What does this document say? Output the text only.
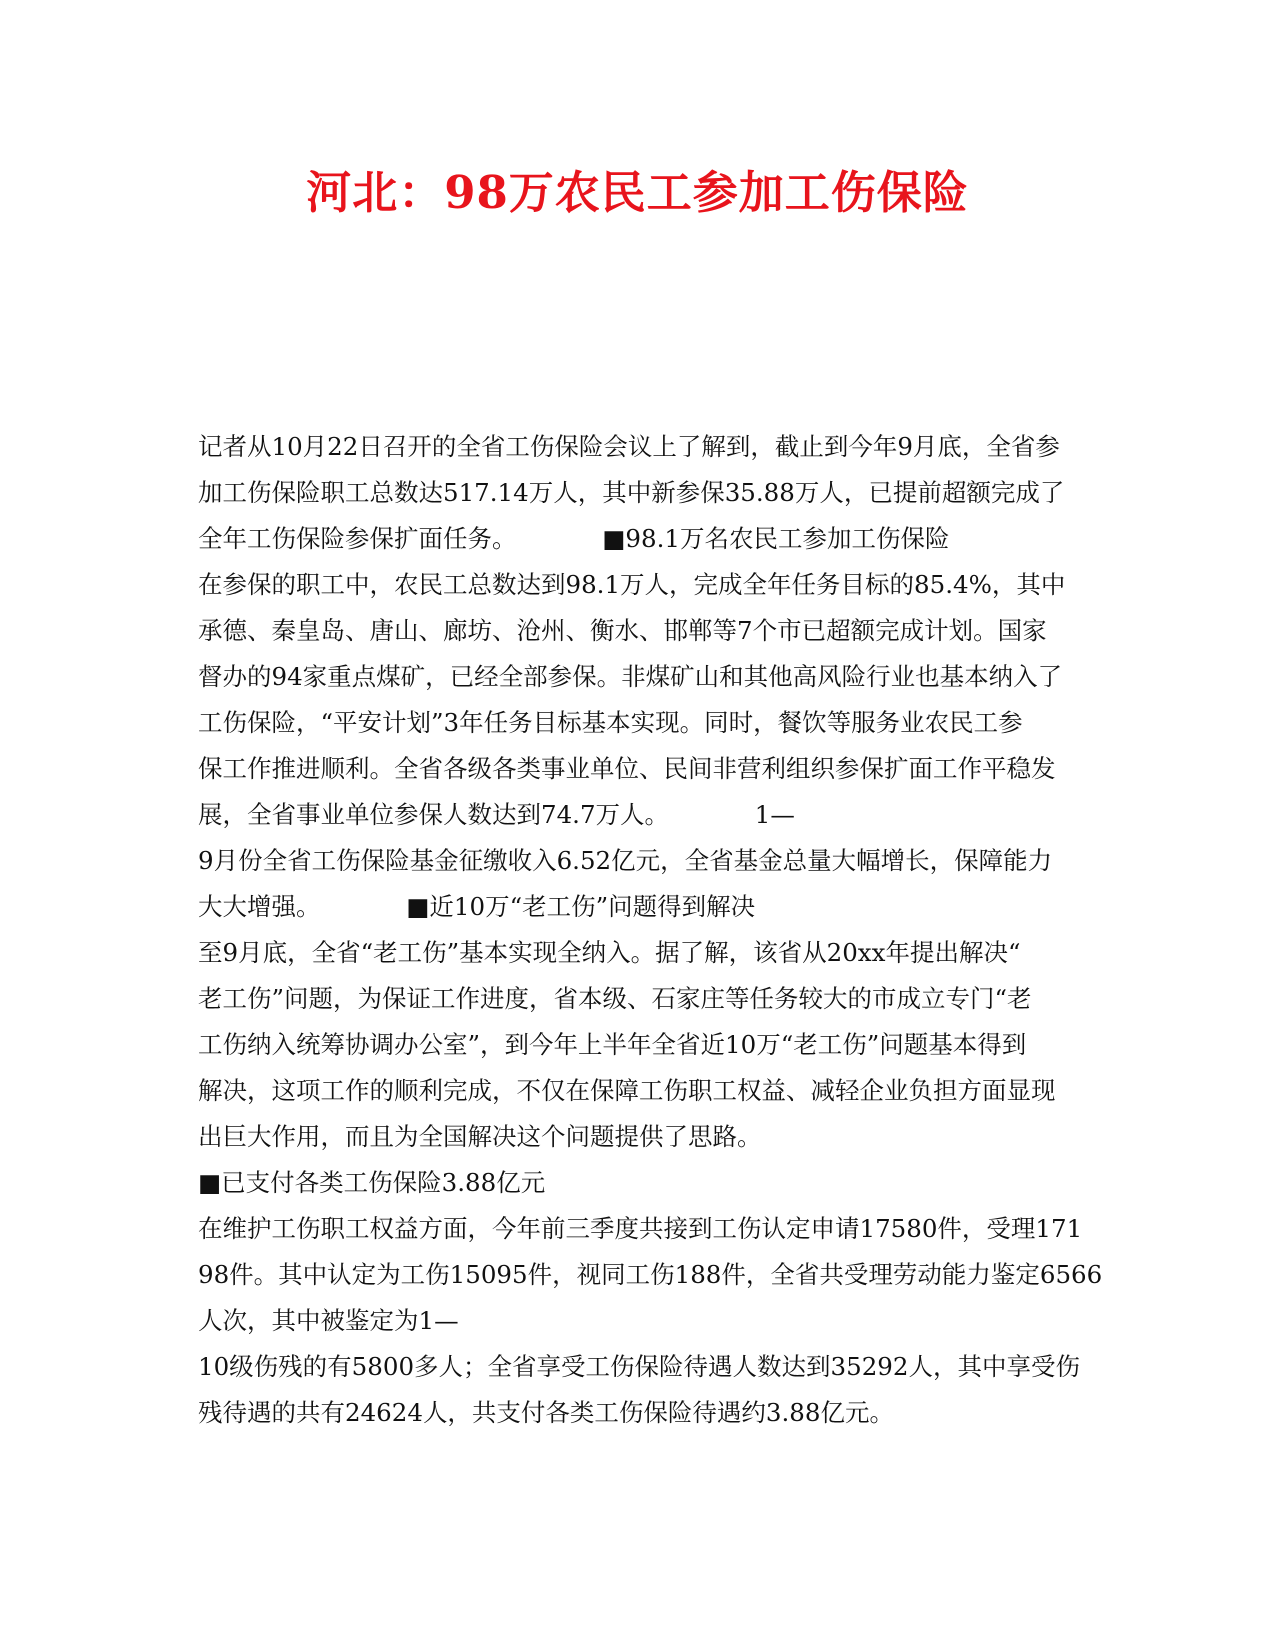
河北：98万农民工参加工伤保险
记者从10月22日召开的全省工伤保险会议上了解到，截止到今年9月底，全省参
加工伤保险职工总数达517.14万人，其中新参保35.88万人，已提前超额完成了
全年工伤保险参保扩面任务。　　　　■98.1万名农民工参加工伤保险
在参保的职工中，农民工总数达到98.1万人，完成全年任务目标的85.4%，其中
承德、秦皇岛、唐山、廊坊、沧州、衡水、邯郸等7个市已超额完成计划。国家
督办的94家重点煤矿，已经全部参保。非煤矿山和其他高风险行业也基本纳入了
工伤保险，“平安计划”3年任务目标基本实现。同时，餐饮等服务业农民工参
保工作推进顺利。全省各级各类事业单位、民间非营利组织参保扩面工作平稳发
展，全省事业单位参保人数达到74.7万人。　　　　1—
9月份全省工伤保险基金征缴收入6.52亿元，全省基金总量大幅增长，保障能力
大大增强。　　　　■近10万“老工伤”问题得到解决
至9月底，全省“老工伤”基本实现全纳入。据了解，该省从20xx年提出解决“
老工伤”问题，为保证工作进度，省本级、石家庄等任务较大的市成立专门“老
工伤纳入统筹协调办公室”，到今年上半年全省近10万“老工伤”问题基本得到
解决，这项工作的顺利完成，不仅在保障工伤职工权益、减轻企业负担方面显现
出巨大作用，而且为全国解决这个问题提供了思路。
■已支付各类工伤保险3.88亿元
在维护工伤职工权益方面，今年前三季度共接到工伤认定申请17580件，受理171
98件。其中认定为工伤15095件，视同工伤188件，全省共受理劳动能力鉴定6566
人次，其中被鉴定为1—
10级伤残的有5800多人；全省享受工伤保险待遇人数达到35292人，其中享受伤
残待遇的共有24624人，共支付各类工伤保险待遇约3.88亿元。
